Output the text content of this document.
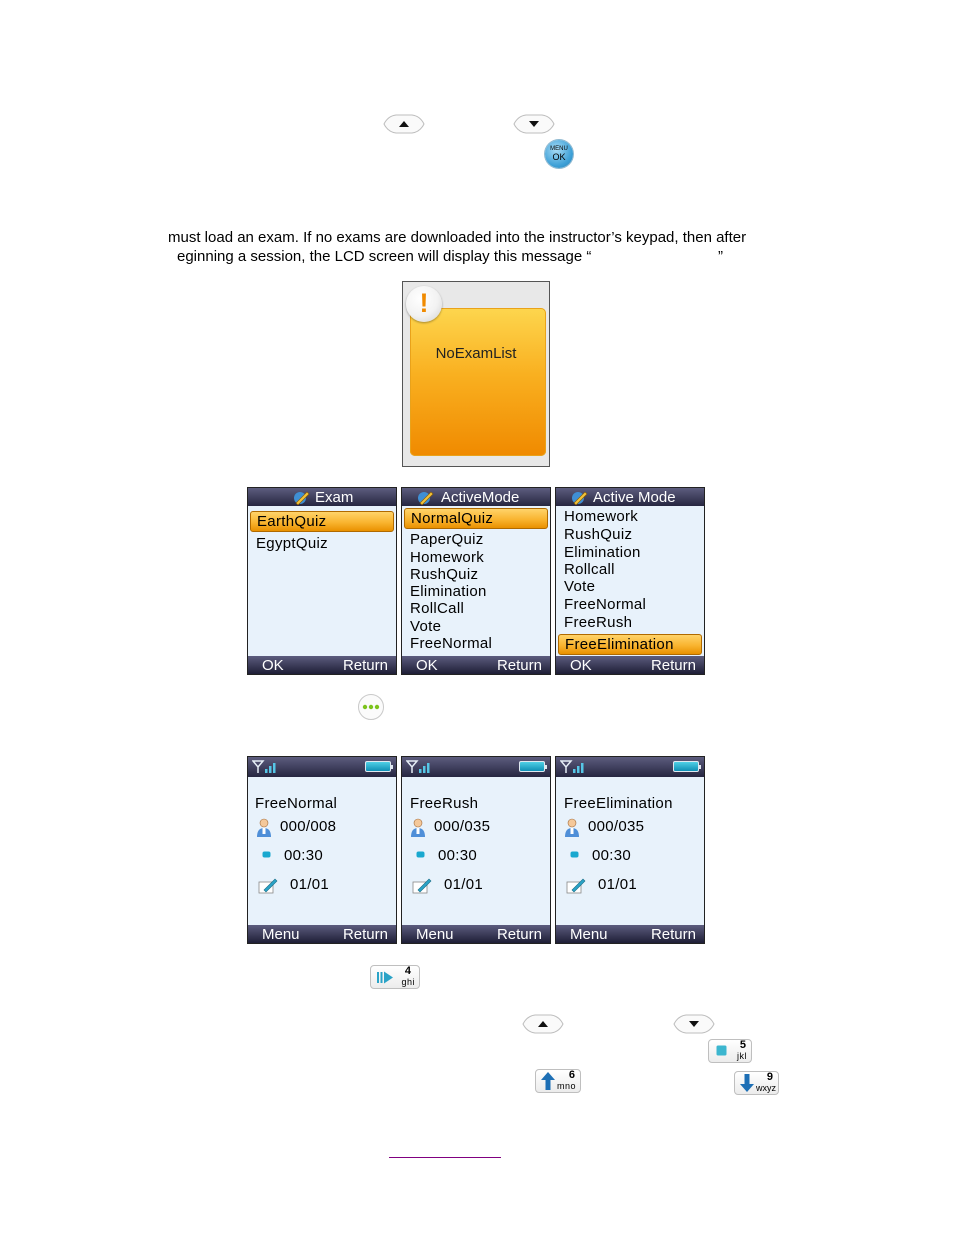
MENU
OK
must load an exam. If no exams are downloaded into the instructor’s keypad, then after
eginning a session, the LCD screen will display this message “	”
!
NoExamList
Exam
EarthQuiz
EgyptQuiz
OK	Return
ActiveMode
NormalQuiz
PaperQuiz
Homework
RushQuiz
Elimination
RollCall
Vote
FreeNormal
OK	Return
Active Mode
Homework
RushQuiz
Elimination
Rollcall
Vote
FreeNormal
FreeRush
FreeElimination
OK	Return
FreeNormal
000/008
00:30
01/01
Menu	Return
FreeRush
000/035
00:30
01/01
Menu	Return
FreeElimination
000/035
00:30
01/01
Menu	Return
4
ghi
5
jkl
6
mno
9
wxyz
